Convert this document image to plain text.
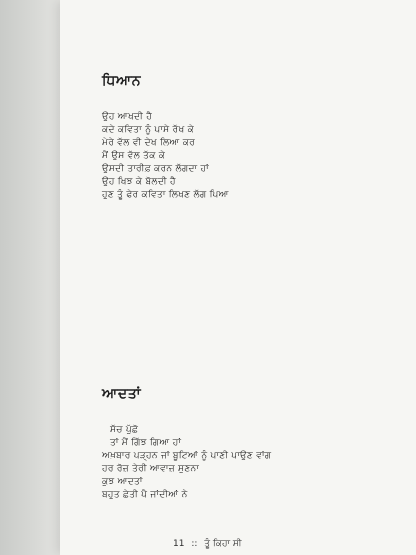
ਧਿਆਨ

ਉਹ ਆਖਦੀ ਹੈ

ਕਦੇ ਕਵਿਤਾ ਨੂੰ ਪਾਸੇ ਰੱਖ ਕੇ

ਮੇਰੇ ਵੱਲ ਵੀ ਦੇਖ ਲਿਆ ਕਰ

ਮੈਂ ਉਸ ਵੱਲ ਤੱਕ ਕੇ

ਉਸਦੀ ਤਾਰੀਫ਼ ਕਰਨ ਲੱਗਦਾ ਹਾਂ

ਉਹ ਖਿਝ ਕੇ ਬੋਲਦੀ ਹੈ

ਹੁਣ ਤੂੰ ਫੇਰ ਕਵਿਤਾ ਲਿਖਣ ਲੱਗ ਪਿਆ

ਆਦਤਾਂ

ਸੱਚ ਪੁੱਛੋ

ਤਾਂ ਮੈਂ ਗਿੱਝ ਗਿਆ ਹਾਂ

ਅਖ਼ਬਾਰ ਪੜ੍ਹਨ ਜਾਂ ਬੂਟਿਆਂ ਨੂੰ ਪਾਣੀ ਪਾਉਣ ਵਾਂਗ

ਹਰ ਰੋਜ਼ ਤੇਰੀ ਆਵਾਜ਼ ਸੁਣਨਾ

ਕੁਝ ਆਦਤਾਂ

ਬਹੁਤ ਛੇਤੀ ਪੈ ਜਾਂਦੀਆਂ ਨੇ

11 :: ਤੂੰ ਕਿਹਾ ਸੀ
